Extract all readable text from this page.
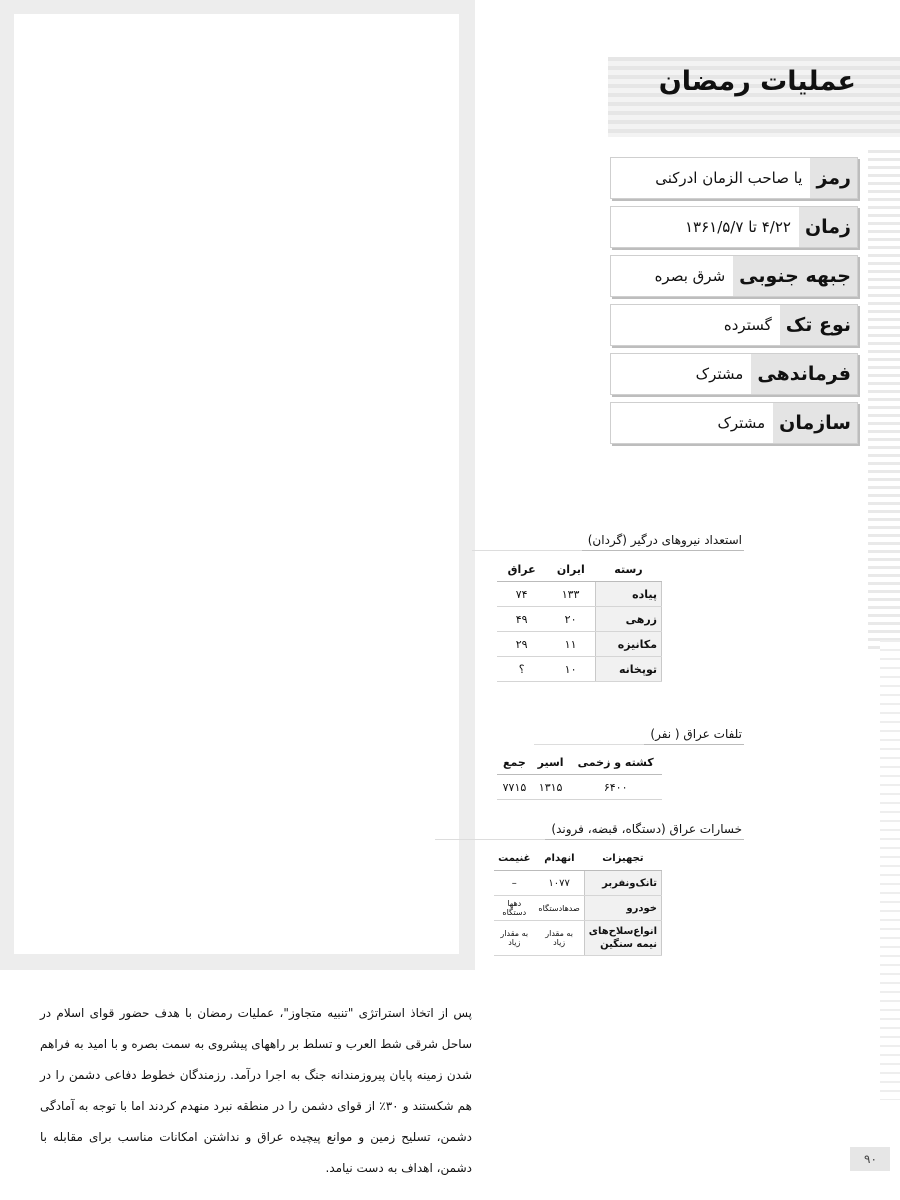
عملیات رمضان
رمز
یا صاحب الزمان ادرکنی
زمان
۴/۲۲ تا ۱۳۶۱/۵/۷
جبهه جنوبی
شرق بصره
نوع تک
گسترده
فرماندهی
مشترک
سازمان
مشترک
استعداد نیروهای درگیر (گردان)
رسته	ایران	عراق
پیاده	۱۳۳	۷۴
زرهی	۲۰	۴۹
مکانیزه	۱۱	۲۹
توپخانه	۱۰	؟
تلفات عراق ( نفر)
کشته و زخمی	اسیر	جمع
۶۴۰۰	۱۳۱۵	۷۷۱۵
خسارات عراق (دستگاه، قبضه، فروند)
تجهیزات	انهدام	غنیمت
تانک‌ونفربر	۱۰۷۷	–
خودرو	صدهادستگاه	دهها دستگاه
انواع‌سلاح‌های نیمه سنگین	به مقدار زیاد	به مقدار زیاد
پس از اتخاذ استراتژی "تنبیه متجاوز"، عملیات رمضان با هدف حضور قوای اسلام در ساحل شرقی شط العرب و تسلط بر راههای پیشروی به سمت بصره و با امید به فراهم شدن زمینه پایان پیروزمندانه جنگ به اجرا درآمد. رزمندگان خطوط دفاعی دشمن را در هم شکستند و ۳۰٪ از قوای دشمن را در منطقه نبرد منهدم کردند اما با توجه به آمادگی دشمن، تسلیح زمین و موانع پیچیده عراق و نداشتن امکانات مناسب برای مقابله با دشمن، اهداف به دست نیامد.
۹۰
